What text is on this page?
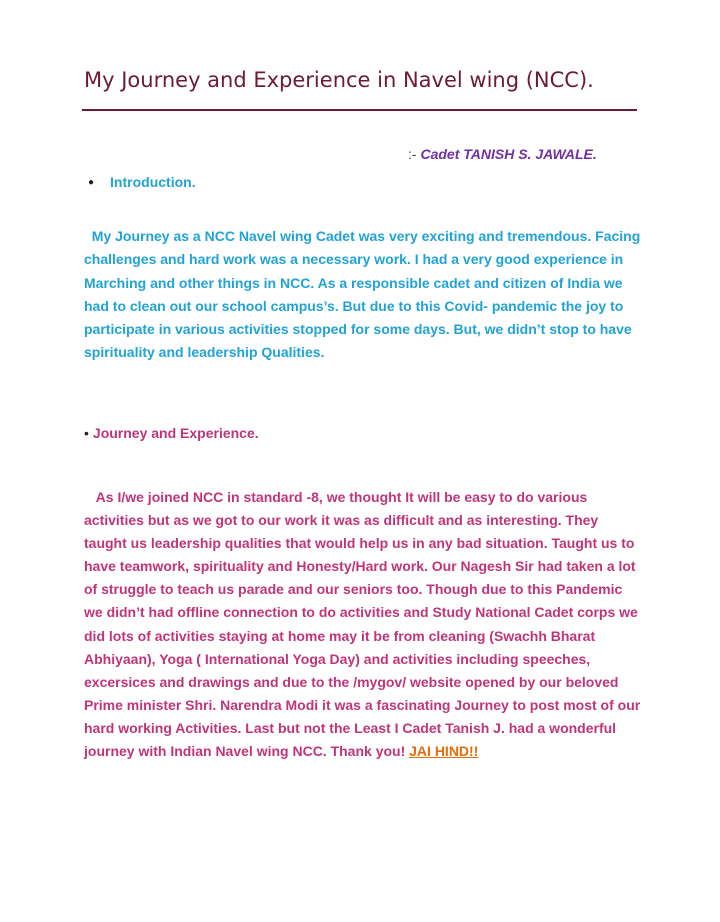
My Journey and Experience in Navel wing (NCC).
:- Cadet TANISH S. JAWALE.
● Introduction.
My Journey as a NCC Navel wing Cadet was very exciting and tremendous. Facing challenges and hard work was a necessary work. I had a very good experience in Marching and other things in NCC. As a responsible cadet and citizen of India we had to clean out our school campus’s. But due to this Covid- pandemic the joy to participate in various activities stopped for some days. But, we didn’t stop to have spirituality and leadership Qualities.
• Journey and Experience.
As I/we joined NCC in standard -8, we thought It will be easy to do various activities but as we got to our work it was as difficult and as interesting. They taught us leadership qualities that would help us in any bad situation. Taught us to have teamwork, spirituality and Honesty/Hard work. Our Nagesh Sir had taken a lot of struggle to teach us parade and our seniors too. Though due to this Pandemic we didn’t had offline connection to do activities and Study National Cadet corps we did lots of activities staying at home may it be from cleaning (Swachh Bharat Abhiyaan), Yoga ( International Yoga Day) and activities including speeches, excersices and drawings and due to the /mygov/ website opened by our beloved Prime minister Shri. Narendra Modi it was a fascinating Journey to post most of our hard working Activities. Last but not the Least I Cadet Tanish J. had a wonderful journey with Indian Navel wing NCC. Thank you! JAI HIND!!
